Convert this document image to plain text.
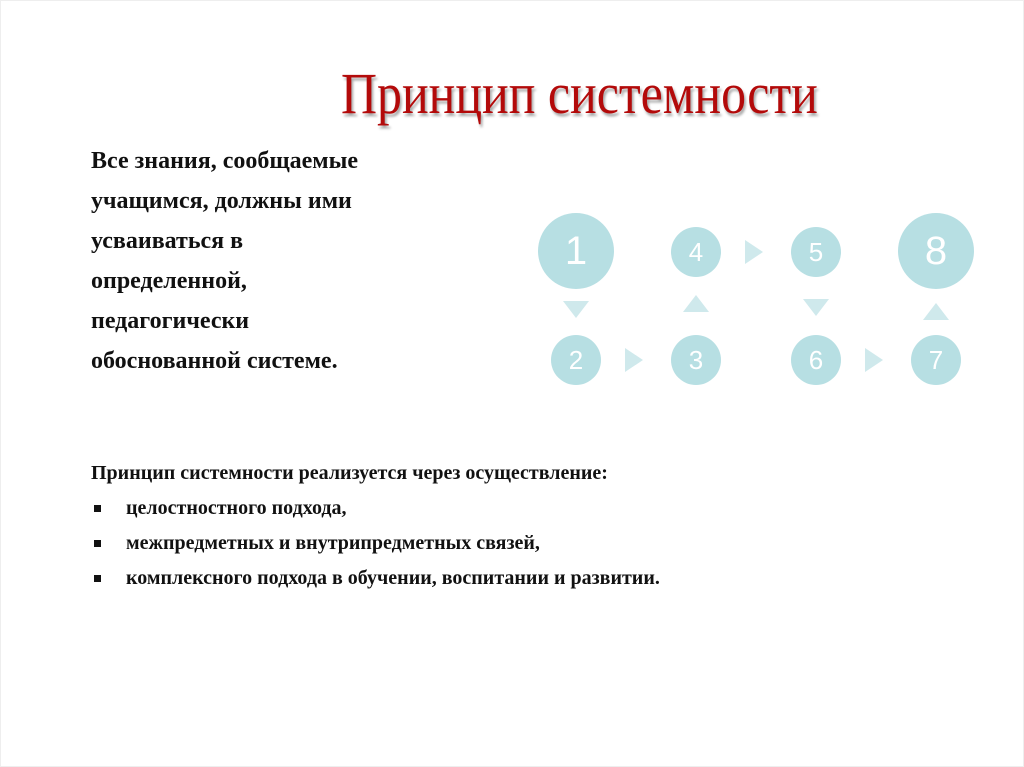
Принцип системности
Все знания, сообщаемые
учащимся, должны ими
усваиваться в
определенной,
педагогически
обоснованной системе.
1
2	3
4	5
6	7
8
Принцип системности реализуется через осуществление:
целостностного подхода,
межпредметных и внутрипредметных связей,
комплексного подхода в обучении, воспитании и развитии.
